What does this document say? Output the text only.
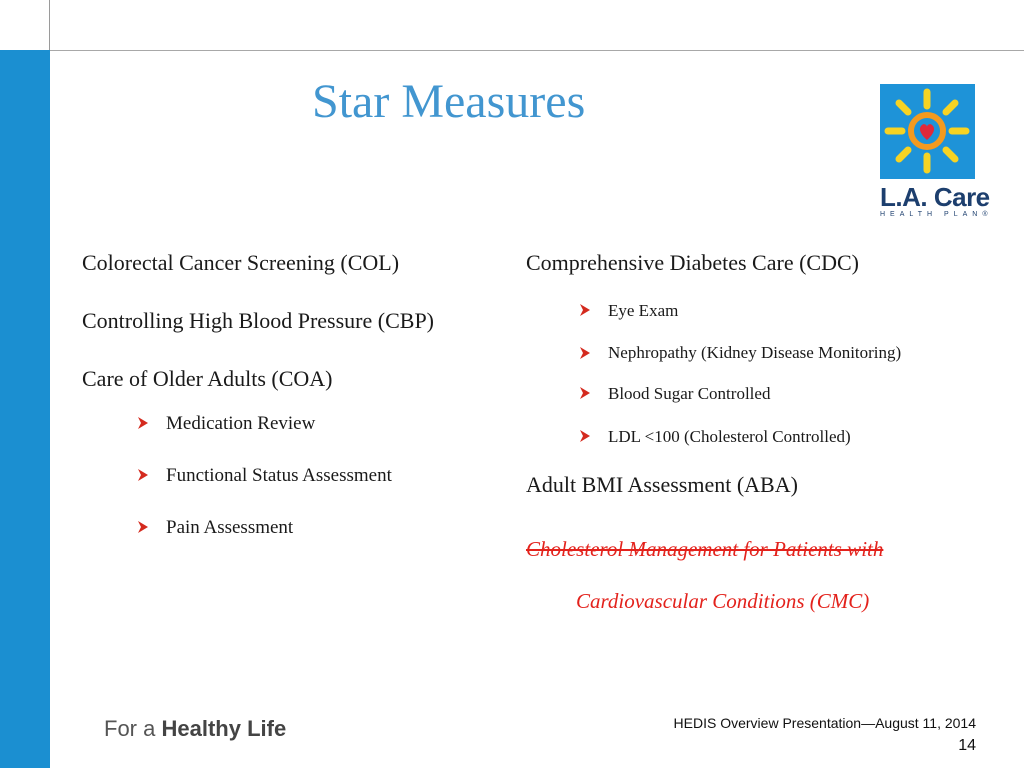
Star Measures
L.A. Care
HEALTH PLAN®
Colorectal Cancer Screening (COL)
Controlling High Blood Pressure (CBP)
Care of Older Adults (COA)
Medication Review
Functional Status Assessment
Pain Assessment
Comprehensive Diabetes Care (CDC)
Eye Exam
Nephropathy (Kidney Disease Monitoring)
Blood Sugar Controlled
LDL <100 (Cholesterol Controlled)
Adult BMI Assessment (ABA)
Cholesterol Management for Patients with
Cardiovascular Conditions (CMC)
For a Healthy Life	HEDIS Overview Presentation—August 11, 2014
14
